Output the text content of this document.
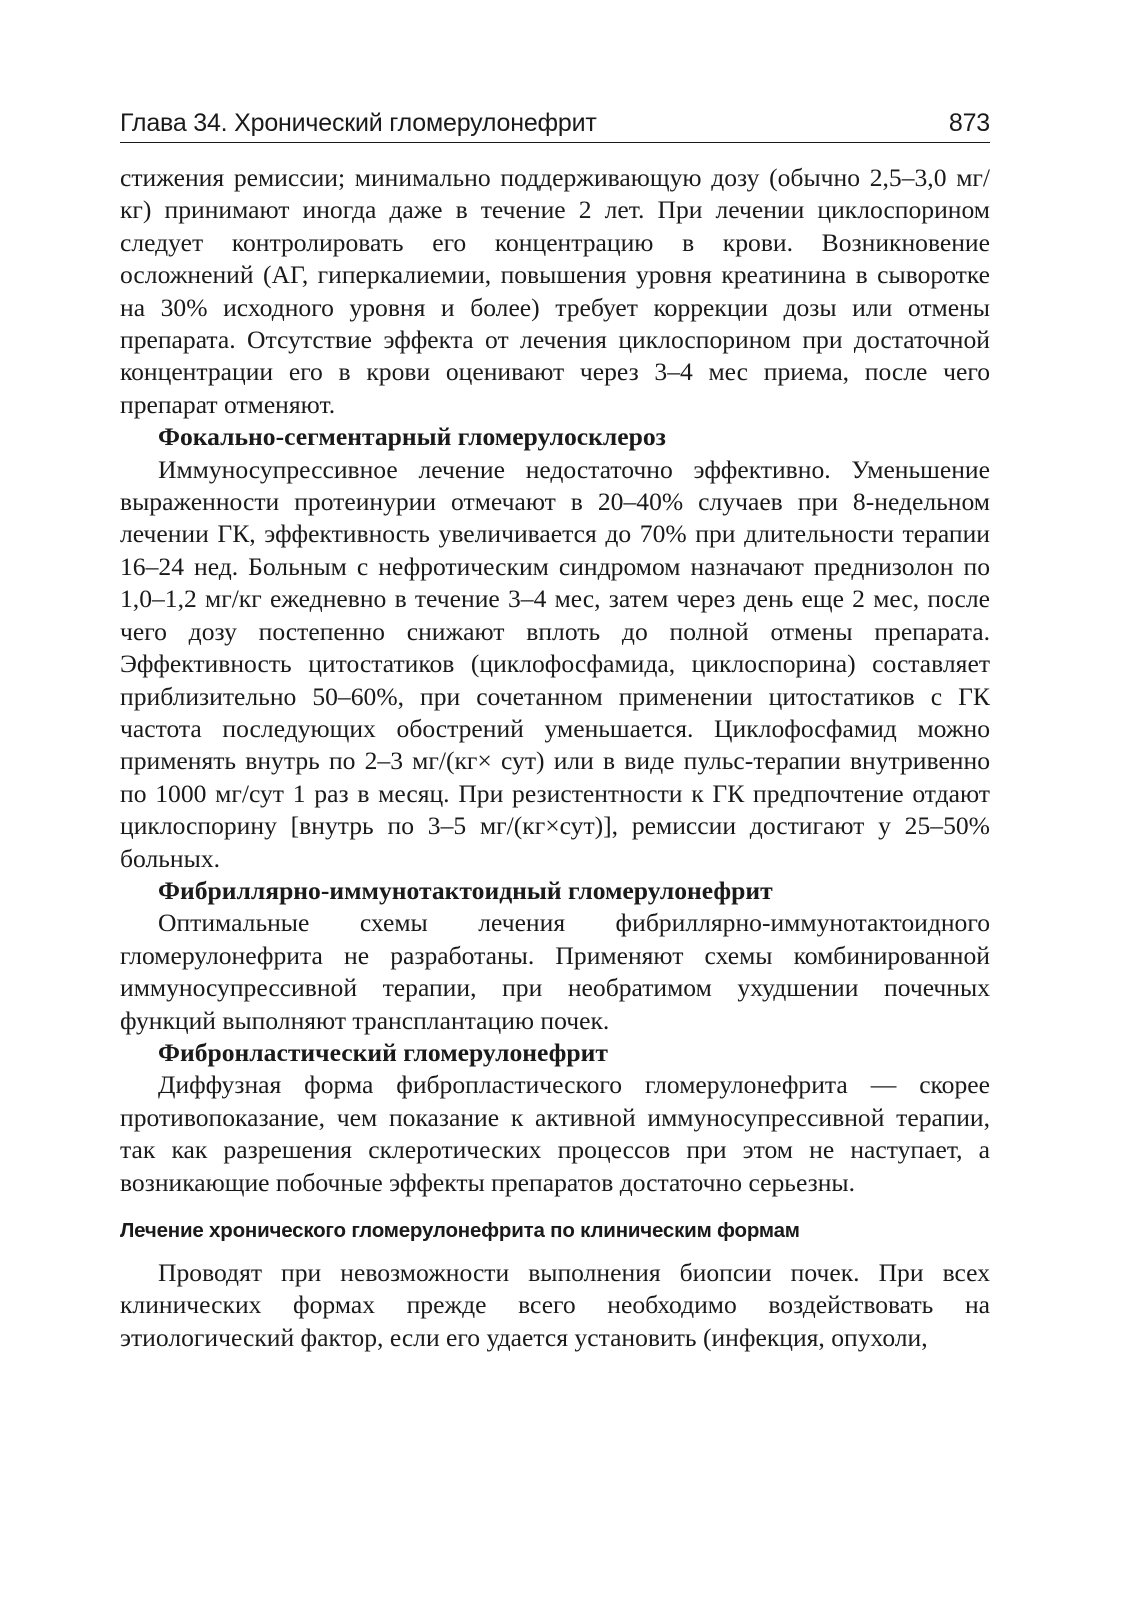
Глава 34. Хронический гломерулонефрит	873

стижения ремиссии; минимально поддерживающую дозу (обычно 2,5–3,0 мг/кг) принимают иногда даже в течение 2 лет. При лечении циклоспорином следует контролировать его концентрацию в крови. Возникновение осложнений (АГ, гиперкалиемии, повышения уровня креатинина в сыворотке на 30% исходного уровня и более) требует коррекции дозы или отмены препарата. Отсутствие эффекта от лечения циклоспорином при достаточной концентрации его в крови оценивают через 3–4 мес приема, после чего препарат отменяют.

Фокально-сегментарный гломерулосклероз

Иммуносупрессивное лечение недостаточно эффективно. Уменьшение выраженности протеинурии отмечают в 20–40% случаев при 8-недельном лечении ГК, эффективность увеличивается до 70% при длительности терапии 16–24 нед. Больным с нефротическим синдромом назначают преднизолон по 1,0–1,2 мг/кг ежедневно в течение 3–4 мес, затем через день еще 2 мес, после чего дозу постепенно снижают вплоть до полной отмены препарата. Эффективность цитостатиков (циклофосфамида, циклоспорина) составляет приблизительно 50–60%, при сочетанном применении цитостатиков с ГК частота последующих обострений уменьшается. Циклофосфамид можно применять внутрь по 2–3 мг/(кг× сут) или в виде пульс-терапии внутривенно по 1000 мг/сут 1 раз в месяц. При резистентности к ГК предпочтение отдают циклоспорину [внутрь по 3–5 мг/(кг×сут)], ремиссии достигают у 25–50% больных.

Фибриллярно-иммунотактоидный гломерулонефрит

Оптимальные схемы лечения фибриллярно-иммунотактоидного гломерулонефрита не разработаны. Применяют схемы комбинированной иммуносупрессивной терапии, при необратимом ухудшении почечных функций выполняют трансплантацию почек.

Фибронластический гломерулонефрит

Диффузная форма фибропластического гломерулонефрита — скорее противопоказание, чем показание к активной иммуносупрессивной терапии, так как разрешения склеротических процессов при этом не наступает, а возникающие побочные эффекты препаратов достаточно серьезны.

Лечение хронического гломерулонефрита по клиническим формам

Проводят при невозможности выполнения биопсии почек. При всех клинических формах прежде всего необходимо воздействовать на этиологический фактор, если его удается установить (инфекция, опухоли,
